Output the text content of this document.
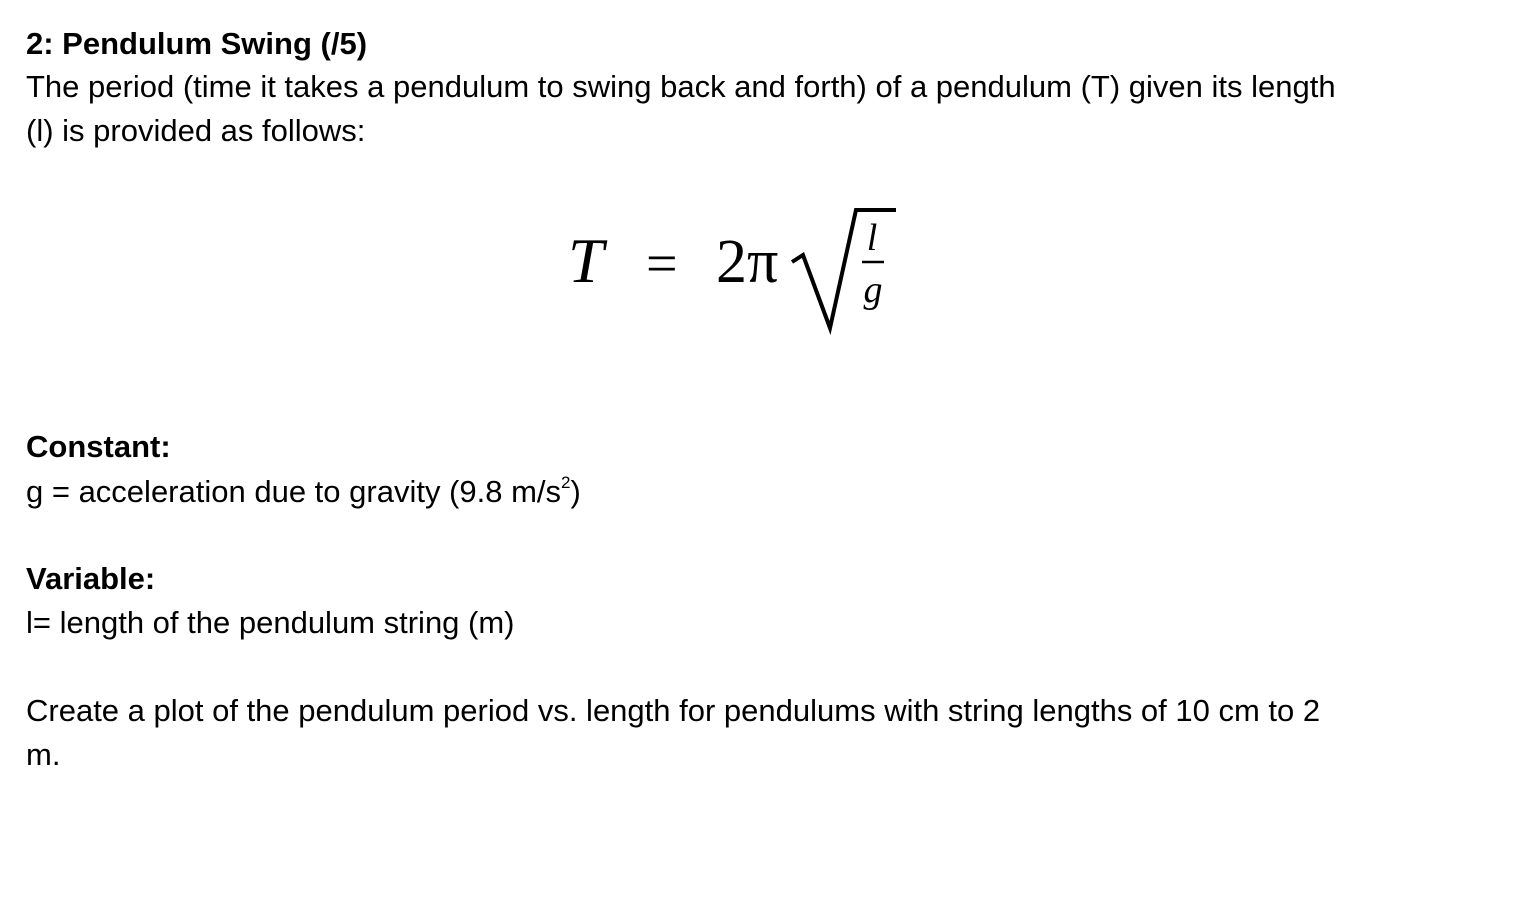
2: Pendulum Swing (/5)

The period (time it takes a pendulum to swing back and forth) of a pendulum (T) given its length

(l) is provided as follows:

T = 2π l
g

Constant:

g = acceleration due to gravity (9.8 $m/s^2$)

Variable:

l= length of the pendulum string (m)

Create a plot of the pendulum period vs. length for pendulums with string lengths of 10 cm to 2

m.
